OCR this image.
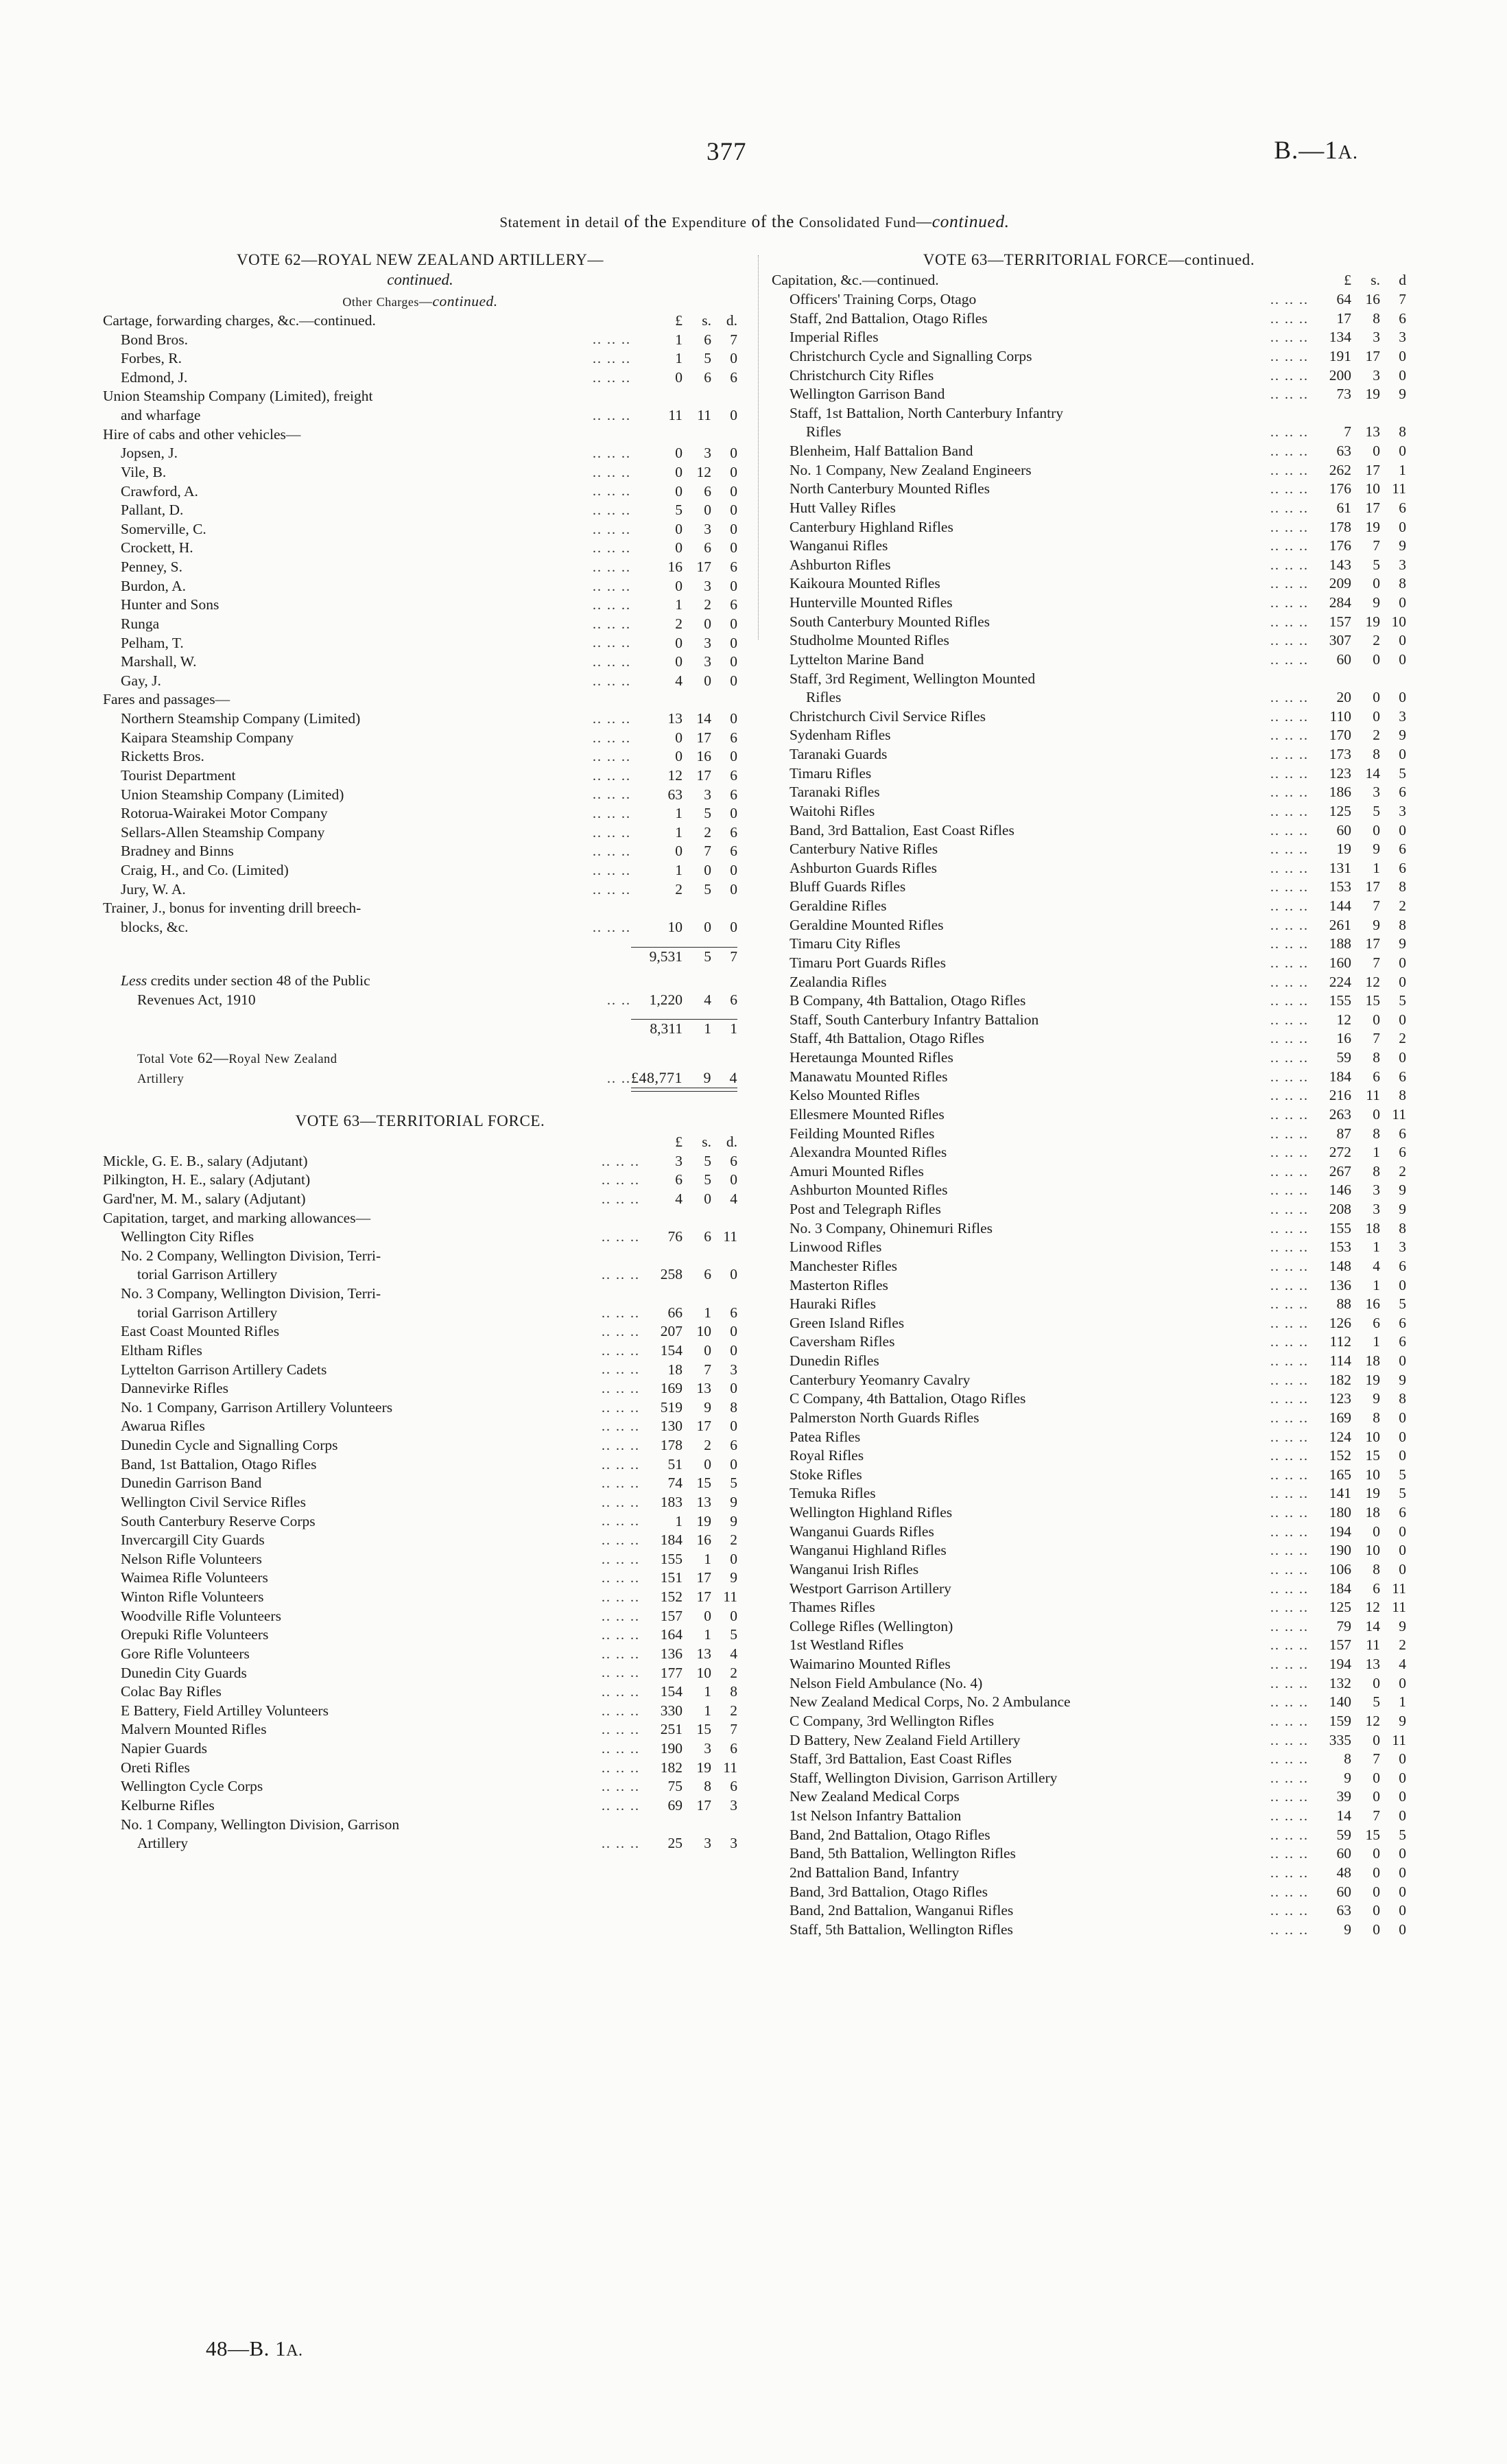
377	B.—1A.
Statement in detail of the Expenditure of the Consolidated Fund—continued.
VOTE 62—ROYAL NEW ZEALAND ARTILLERY—
continued.
Other Charges—continued.
Cartage, forwarding charges, &c.—continued.		£	s.	d.
Bond Bros.	.. .. ..	1	6	7
Forbes, R.	.. .. ..	1	5	0
Edmond, J.	.. .. ..	0	6	6
Union Steamship Company (Limited), freight				
and wharfage	.. .. ..	11	11	0
Hire of cabs and other vehicles—				
Jopsen, J.	.. .. ..	0	3	0
Vile, B.	.. .. ..	0	12	0
Crawford, A.	.. .. ..	0	6	0
Pallant, D.	.. .. ..	5	0	0
Somerville, C.	.. .. ..	0	3	0
Crockett, H.	.. .. ..	0	6	0
Penney, S.	.. .. ..	16	17	6
Burdon, A.	.. .. ..	0	3	0
Hunter and Sons	.. .. ..	1	2	6
Runga	.. .. ..	2	0	0
Pelham, T.	.. .. ..	0	3	0
Marshall, W.	.. .. ..	0	3	0
Gay, J.	.. .. ..	4	0	0
Fares and passages—				
Northern Steamship Company (Limited)	.. .. ..	13	14	0
Kaipara Steamship Company	.. .. ..	0	17	6
Ricketts Bros.	.. .. ..	0	16	0
Tourist Department	.. .. ..	12	17	6
Union Steamship Company (Limited)	.. .. ..	63	3	6
Rotorua-Wairakei Motor Company	.. .. ..	1	5	0
Sellars-Allen Steamship Company	.. .. ..	1	2	6
Bradney and Binns	.. .. ..	0	7	6
Craig, H., and Co. (Limited)	.. .. ..	1	0	0
Jury, W. A.	.. .. ..	2	5	0
Trainer, J., bonus for inventing drill breech-				
blocks, &c.	.. .. ..	10	0	0

		9,531	5	7

Less credits under section 48 of the Public				
Revenues Act, 1910	.. ..	1,220	4	6

		8,311	1	1

Total Vote 62—Royal New Zealand				
Artillery	.. ..	£48,771	9	4

VOTE 63—TERRITORIAL FORCE.
		£	s.	d.
Mickle, G. E. B., salary (Adjutant)	.. .. ..	3	5	6
Pilkington, H. E., salary (Adjutant)	.. .. ..	6	5	0
Gard'ner, M. M., salary (Adjutant)	.. .. ..	4	0	4
Capitation, target, and marking allowances—				
Wellington City Rifles	.. .. ..	76	6	11
No. 2 Company, Wellington Division, Terri-				
torial Garrison Artillery	.. .. ..	258	6	0
No. 3 Company, Wellington Division, Terri-				
torial Garrison Artillery	.. .. ..	66	1	6
East Coast Mounted Rifles	.. .. ..	207	10	0
Eltham Rifles	.. .. ..	154	0	0
Lyttelton Garrison Artillery Cadets	.. .. ..	18	7	3
Dannevirke Rifles	.. .. ..	169	13	0
No. 1 Company, Garrison Artillery Volunteers	.. .. ..	519	9	8
Awarua Rifles	.. .. ..	130	17	0
Dunedin Cycle and Signalling Corps	.. .. ..	178	2	6
Band, 1st Battalion, Otago Rifles	.. .. ..	51	0	0
Dunedin Garrison Band	.. .. ..	74	15	5
Wellington Civil Service Rifles	.. .. ..	183	13	9
South Canterbury Reserve Corps	.. .. ..	1	19	9
Invercargill City Guards	.. .. ..	184	16	2
Nelson Rifle Volunteers	.. .. ..	155	1	0
Waimea Rifle Volunteers	.. .. ..	151	17	9
Winton Rifle Volunteers	.. .. ..	152	17	11
Woodville Rifle Volunteers	.. .. ..	157	0	0
Orepuki Rifle Volunteers	.. .. ..	164	1	5
Gore Rifle Volunteers	.. .. ..	136	13	4
Dunedin City Guards	.. .. ..	177	10	2
Colac Bay Rifles	.. .. ..	154	1	8
E Battery, Field Artilley Volunteers	.. .. ..	330	1	2
Malvern Mounted Rifles	.. .. ..	251	15	7
Napier Guards	.. .. ..	190	3	6
Oreti Rifles	.. .. ..	182	19	11
Wellington Cycle Corps	.. .. ..	75	8	6
Kelburne Rifles	.. .. ..	69	17	3
No. 1 Company, Wellington Division, Garrison				
Artillery	.. .. ..	25	3	3
VOTE 63—TERRITORIAL FORCE—continued.
Capitation, &c.—continued.		£	s.	d
Officers' Training Corps, Otago	.. .. ..	64	16	7
Staff, 2nd Battalion, Otago Rifles	.. .. ..	17	8	6
Imperial Rifles	.. .. ..	134	3	3
Christchurch Cycle and Signalling Corps	.. .. ..	191	17	0
Christchurch City Rifles	.. .. ..	200	3	0
Wellington Garrison Band	.. .. ..	73	19	9
Staff, 1st Battalion, North Canterbury Infantry				
Rifles	.. .. ..	7	13	8
Blenheim, Half Battalion Band	.. .. ..	63	0	0
No. 1 Company, New Zealand Engineers	.. .. ..	262	17	1
North Canterbury Mounted Rifles	.. .. ..	176	10	11
Hutt Valley Rifles	.. .. ..	61	17	6
Canterbury Highland Rifles	.. .. ..	178	19	0
Wanganui Rifles	.. .. ..	176	7	9
Ashburton Rifles	.. .. ..	143	5	3
Kaikoura Mounted Rifles	.. .. ..	209	0	8
Hunterville Mounted Rifles	.. .. ..	284	9	0
South Canterbury Mounted Rifles	.. .. ..	157	19	10
Studholme Mounted Rifles	.. .. ..	307	2	0
Lyttelton Marine Band	.. .. ..	60	0	0
Staff, 3rd Regiment, Wellington Mounted				
Rifles	.. .. ..	20	0	0
Christchurch Civil Service Rifles	.. .. ..	110	0	3
Sydenham Rifles	.. .. ..	170	2	9
Taranaki Guards	.. .. ..	173	8	0
Timaru Rifles	.. .. ..	123	14	5
Taranaki Rifles	.. .. ..	186	3	6
Waitohi Rifles	.. .. ..	125	5	3
Band, 3rd Battalion, East Coast Rifles	.. .. ..	60	0	0
Canterbury Native Rifles	.. .. ..	19	9	6
Ashburton Guards Rifles	.. .. ..	131	1	6
Bluff Guards Rifles	.. .. ..	153	17	8
Geraldine Rifles	.. .. ..	144	7	2
Geraldine Mounted Rifles	.. .. ..	261	9	8
Timaru City Rifles	.. .. ..	188	17	9
Timaru Port Guards Rifles	.. .. ..	160	7	0
Zealandia Rifles	.. .. ..	224	12	0
B Company, 4th Battalion, Otago Rifles	.. .. ..	155	15	5
Staff, South Canterbury Infantry Battalion	.. .. ..	12	0	0
Staff, 4th Battalion, Otago Rifles	.. .. ..	16	7	2
Heretaunga Mounted Rifles	.. .. ..	59	8	0
Manawatu Mounted Rifles	.. .. ..	184	6	6
Kelso Mounted Rifles	.. .. ..	216	11	8
Ellesmere Mounted Rifles	.. .. ..	263	0	11
Feilding Mounted Rifles	.. .. ..	87	8	6
Alexandra Mounted Rifles	.. .. ..	272	1	6
Amuri Mounted Rifles	.. .. ..	267	8	2
Ashburton Mounted Rifles	.. .. ..	146	3	9
Post and Telegraph Rifles	.. .. ..	208	3	9
No. 3 Company, Ohinemuri Rifles	.. .. ..	155	18	8
Linwood Rifles	.. .. ..	153	1	3
Manchester Rifles	.. .. ..	148	4	6
Masterton Rifles	.. .. ..	136	1	0
Hauraki Rifles	.. .. ..	88	16	5
Green Island Rifles	.. .. ..	126	6	6
Caversham Rifles	.. .. ..	112	1	6
Dunedin Rifles	.. .. ..	114	18	0
Canterbury Yeomanry Cavalry	.. .. ..	182	19	9
C Company, 4th Battalion, Otago Rifles	.. .. ..	123	9	8
Palmerston North Guards Rifles	.. .. ..	169	8	0
Patea Rifles	.. .. ..	124	10	0
Royal Rifles	.. .. ..	152	15	0
Stoke Rifles	.. .. ..	165	10	5
Temuka Rifles	.. .. ..	141	19	5
Wellington Highland Rifles	.. .. ..	180	18	6
Wanganui Guards Rifles	.. .. ..	194	0	0
Wanganui Highland Rifles	.. .. ..	190	10	0
Wanganui Irish Rifles	.. .. ..	106	8	0
Westport Garrison Artillery	.. .. ..	184	6	11
Thames Rifles	.. .. ..	125	12	11
College Rifles (Wellington)	.. .. ..	79	14	9
1st Westland Rifles	.. .. ..	157	11	2
Waimarino Mounted Rifles	.. .. ..	194	13	4
Nelson Field Ambulance (No. 4)	.. .. ..	132	0	0
New Zealand Medical Corps, No. 2 Ambulance	.. .. ..	140	5	1
C Company, 3rd Wellington Rifles	.. .. ..	159	12	9
D Battery, New Zealand Field Artillery	.. .. ..	335	0	11
Staff, 3rd Battalion, East Coast Rifles	.. .. ..	8	7	0
Staff, Wellington Division, Garrison Artillery	.. .. ..	9	0	0
New Zealand Medical Corps	.. .. ..	39	0	0
1st Nelson Infantry Battalion	.. .. ..	14	7	0
Band, 2nd Battalion, Otago Rifles	.. .. ..	59	15	5
Band, 5th Battalion, Wellington Rifles	.. .. ..	60	0	0
2nd Battalion Band, Infantry	.. .. ..	48	0	0
Band, 3rd Battalion, Otago Rifles	.. .. ..	60	0	0
Band, 2nd Battalion, Wanganui Rifles	.. .. ..	63	0	0
Staff, 5th Battalion, Wellington Rifles	.. .. ..	9	0	0
48—B. 1A.
